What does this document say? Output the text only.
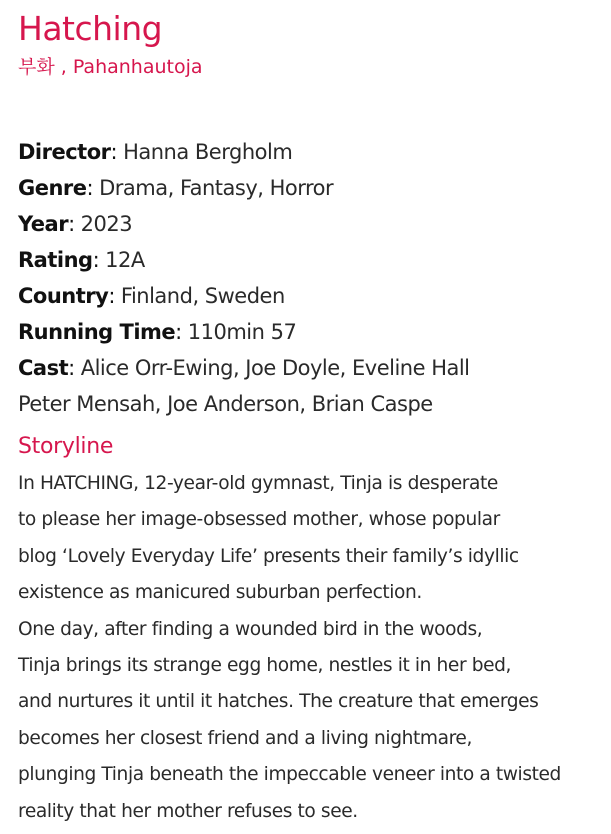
Hatching
부화 , Pahanhautoja
Director: Hanna Bergholm
Genre: Drama, Fantasy, Horror
Year: 2023
Rating: 12A
Country: Finland, Sweden
Running Time: 110min 57
Cast: Alice Orr-Ewing, Joe Doyle, Eveline Hall
Peter Mensah, Joe Anderson, Brian Caspe
Storyline
In HATCHING, 12-year-old gymnast, Tinja is desperate
to please her image-obsessed mother, whose popular
blog ‘Lovely Everyday Life’ presents their family’s idyllic
existence as manicured suburban perfection.
One day, after finding a wounded bird in the woods,
Tinja brings its strange egg home, nestles it in her bed,
and nurtures it until it hatches. The creature that emerges
becomes her closest friend and a living nightmare,
plunging Tinja beneath the impeccable veneer into a twisted
reality that her mother refuses to see.
